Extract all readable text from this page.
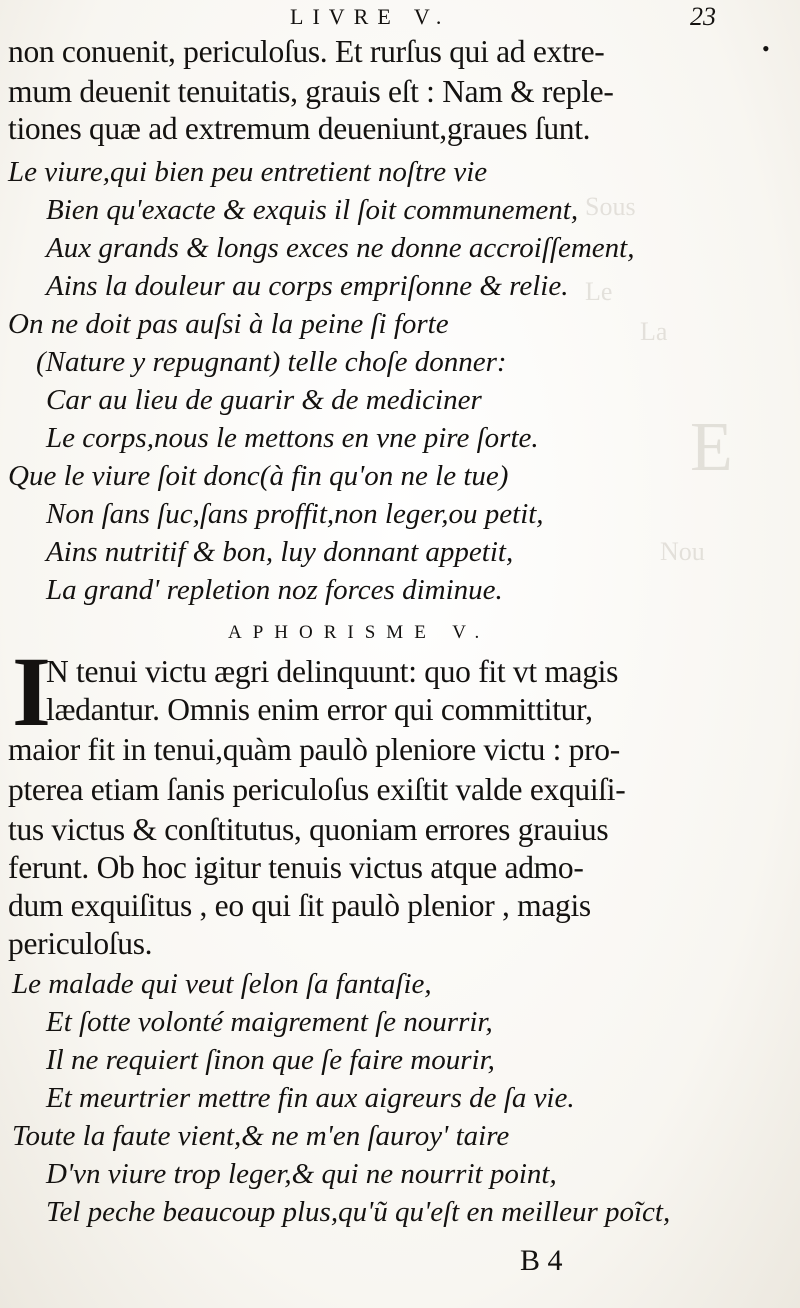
Sous
Le
La
E
Nou
LIVRE V.	23
•
non conuenit, periculoſus. Et rurſus qui ad extre-
mum deuenit tenuitatis, grauis eſt : Nam & reple-
tiones quæ ad extremum deueniunt,graues ſunt.
Le viure,qui bien peu entretient noſtre vie
Bien qu'exacte & exquis il ſoit communement,
Aux grands & longs exces ne donne accroiſſement,
Ains la douleur au corps empriſonne & relie.
On ne doit pas auſsi à la peine ſi forte
(Nature y repugnant) telle choſe donner:
Car au lieu de guarir & de mediciner
Le corps,nous le mettons en vne pire ſorte.
Que le viure ſoit donc(à fin qu'on ne le tue)
Non ſans ſuc,ſans proffit,non leger,ou petit,
Ains nutritif & bon, luy donnant appetit,
La grand' repletion noz forces diminue.
APHORISME V.
I
N tenui victu ægri delinquunt: quo fit vt magis
lædantur. Omnis enim error qui committitur,
maior fit in tenui,quàm paulò pleniore victu : pro-
pterea etiam ſanis periculoſus exiſtit valde exquiſi-
tus victus & conſtitutus, quoniam errores grauius
ferunt. Ob hoc igitur tenuis victus atque admo-
dum exquiſitus , eo qui ſit paulò plenior , magis
periculoſus.
Le malade qui veut ſelon ſa fantaſie,
Et ſotte volonté maigrement ſe nourrir,
Il ne requiert ſinon que ſe faire mourir,
Et meurtrier mettre fin aux aigreurs de ſa vie.
Toute la faute vient,& ne m'en ſauroy' taire
D'vn viure trop leger,& qui ne nourrit point,
Tel peche beaucoup plus,qu'ũ qu'eſt en meilleur poĩct,
B 4
